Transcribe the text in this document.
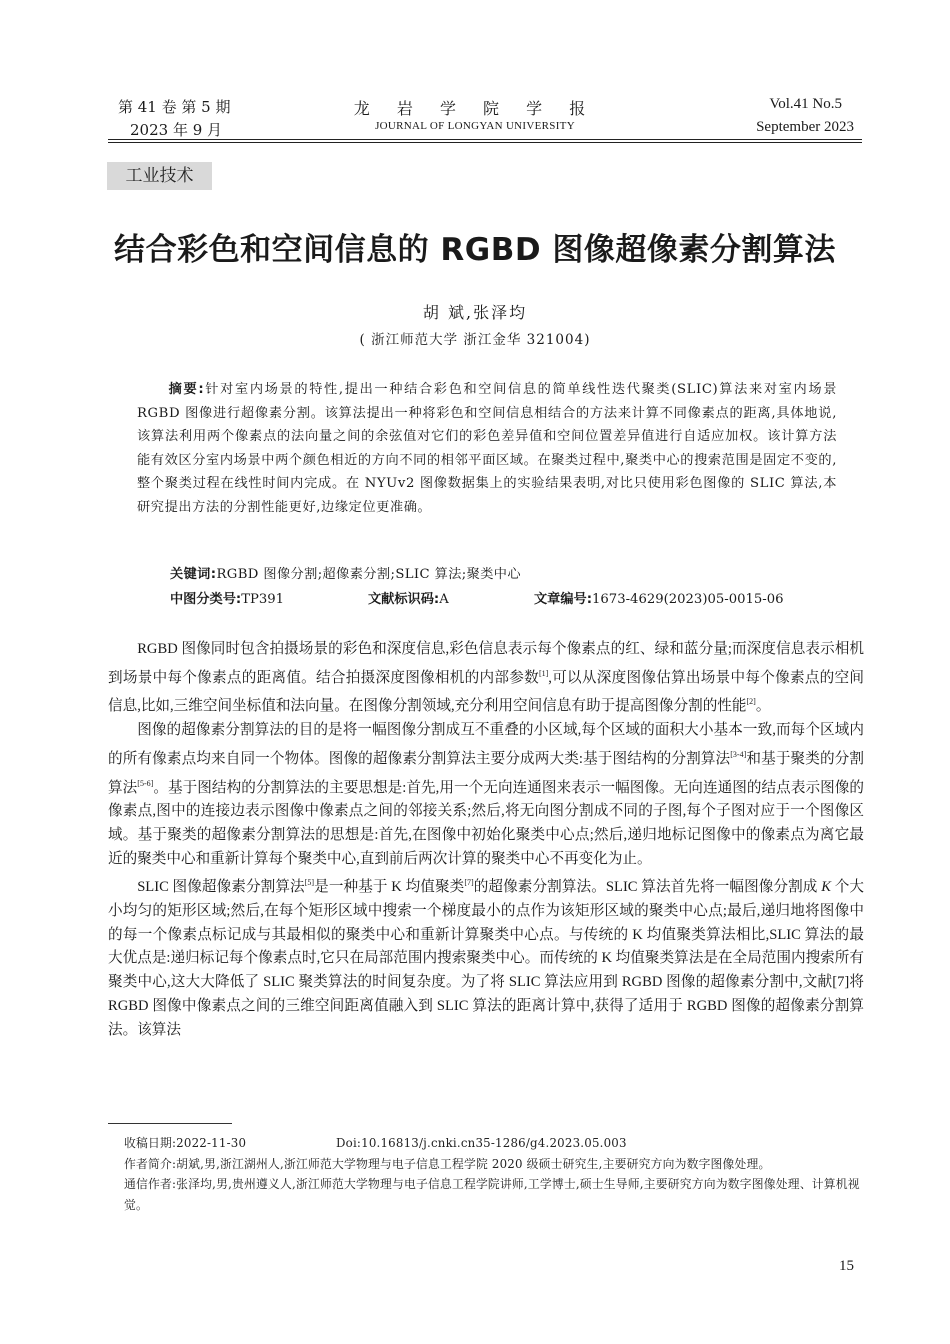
第 41 卷 第 5 期
2023 年 9 月
龙 岩 学 院 学 报
JOURNAL OF LONGYAN UNIVERSITY
Vol.41 No.5
September 2023
工业技术
结合彩色和空间信息的 RGBD 图像超像素分割算法
胡 斌,张泽均
( 浙江师范大学 浙江金华 321004)
摘要:针对室内场景的特性,提出一种结合彩色和空间信息的简单线性迭代聚类(SLIC)算法来对室内场景 RGBD 图像进行超像素分割。该算法提出一种将彩色和空间信息相结合的方法来计算不同像素点的距离,具体地说,该算法利用两个像素点的法向量之间的余弦值对它们的彩色差异值和空间位置差异值进行自适应加权。该计算方法能有效区分室内场景中两个颜色相近的方向不同的相邻平面区域。在聚类过程中,聚类中心的搜索范围是固定不变的,整个聚类过程在线性时间内完成。在 NYUv2 图像数据集上的实验结果表明,对比只使用彩色图像的 SLIC 算法,本研究提出方法的分割性能更好,边缘定位更准确。
关键词:RGBD 图像分割;超像素分割;SLIC 算法;聚类中心
中图分类号:TP391	文献标识码:A	文章编号:1673-4629(2023)05-0015-06

RGBD 图像同时包含拍摄场景的彩色和深度信息,彩色信息表示每个像素点的红、绿和蓝分量;而深度信息表示相机到场景中每个像素点的距离值。结合拍摄深度图像相机的内部参数[1],可以从深度图像估算出场景中每个像素点的空间信息,比如,三维空间坐标值和法向量。在图像分割领域,充分利用空间信息有助于提高图像分割的性能[2]。

图像的超像素分割算法的目的是将一幅图像分割成互不重叠的小区域,每个区域的面积大小基本一致,而每个区域内的所有像素点均来自同一个物体。图像的超像素分割算法主要分成两大类:基于图结构的分割算法[3-4]和基于聚类的分割算法[5-6]。基于图结构的分割算法的主要思想是:首先,用一个无向连通图来表示一幅图像。无向连通图的结点表示图像的像素点,图中的连接边表示图像中像素点之间的邻接关系;然后,将无向图分割成不同的子图,每个子图对应于一个图像区域。基于聚类的超像素分割算法的思想是:首先,在图像中初始化聚类中心点;然后,递归地标记图像中的像素点为离它最近的聚类中心和重新计算每个聚类中心,直到前后两次计算的聚类中心不再变化为止。

SLIC 图像超像素分割算法[5]是一种基于 K 均值聚类[7]的超像素分割算法。SLIC 算法首先将一幅图像分割成 K 个大小均匀的矩形区域;然后,在每个矩形区域中搜索一个梯度最小的点作为该矩形区域的聚类中心点;最后,递归地将图像中的每一个像素点标记成与其最相似的聚类中心和重新计算聚类中心点。与传统的 K 均值聚类算法相比,SLIC 算法的最大优点是:递归标记每个像素点时,它只在局部范围内搜索聚类中心。而传统的 K 均值聚类算法是在全局范围内搜索所有聚类中心,这大大降低了 SLIC 聚类算法的时间复杂度。为了将 SLIC 算法应用到 RGBD 图像的超像素分割中,文献[7]将 RGBD 图像中像素点之间的三维空间距离值融入到 SLIC 算法的距离计算中,获得了适用于 RGBD 图像的超像素分割算法。该算法

收稿日期:2022-11-30	Doi:10.16813/j.cnki.cn35-1286/g4.2023.05.003

作者简介:胡斌,男,浙江湖州人,浙江师范大学物理与电子信息工程学院 2020 级硕士研究生,主要研究方向为数字图像处理。

通信作者:张泽均,男,贵州遵义人,浙江师范大学物理与电子信息工程学院讲师,工学博士,硕士生导师,主要研究方向为数字图像处理、计算机视觉。

15
